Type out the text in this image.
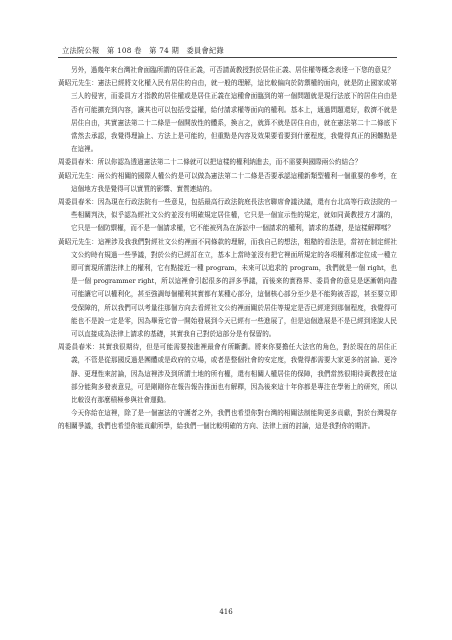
立法院公報　第 108 卷　第 74 期　委員會紀錄

另外，過幾年來台灣社會面臨所謂的居住正義，可否請黃教授對於居住正義、居住權等概念表達一下您的意見？

黃昭元先生：憲法已經將文化權入民有居住的自由，就一般的理解，這比較偏向於防禦權的面向，就是防止國家或第三人的侵害，而委員方才指教的居住權或是居住正義在這種會面臨到的第一個問題就是現行法底下的居住自由是否有可能擴充到內容，讓其也可以包括受益權，給付請求權等面向的權利。基本上，通過問題還好，救濟不就是居住自由，其實憲法第二十二條是一個開放性的體系，換言之，就算不就是居住自由，就在憲法第二十二條底下當然去承認，我覺得理論上、方法上是可能的，但重點是內容及效果要看要到什麼程度，我覺得真正的困難點是在這裡。

周委員春米：所以你認為透過憲法第二十二條就可以把這樣的權利納進去，而不需要與國際兩公約結合？

黃昭元先生：兩公約相關的國際人權公約是可以做為憲法第二十二條是否要承認這種新類型權利一個重要的參考，在這個地方我是覺得可以實質的影響、實質連結的。

周委員春米：因為現在行政法院有一些意見，包括最高行政法院庭長法官聯席會議決議，還有台北高等行政法院的一些相關判決，似乎認為經社文公約並沒有明確規定居住權，它只是一個宣示性的規定，就如同黃教授方才講的，它只是一個防禦權，而不是一個請求權，它不能被列為在訴訟中一個請求的權利，請求的基礎，是這樣解釋嗎？

黃昭元先生：這裡涉及我我們對經社文公約裡面不同條款的理解，而我自己的想法，粗糙的看法是，當初在制定經社文公約時有規過一些爭議，對於公約已經訂在立，基本上當時並沒有把它裡面所規定的各項權利都定位成一種立即可實現所謂法律上的權利，它有點接近一種 program，未來可以追求的 program，我們就是一個 right，也是一個 programmer right，所以這裡會引起很多的評多爭議，而後來的實務界、委員會的意見是逐漸朝向盡可能讓它可以權利化，甚至強調每個權利其實都有某種心部分，這個核心部分至少是不能夠被否認，甚至要立即受保障的，所以我們可以考量往那個方向去看經社文公約裡面關於居住等規定是否已經達到那個程度，我覺得可能也不是說一定是零，因為畢竟它曾一開始發展到今天已經有一些進展了，但是這個進展是不是已經到達說人民可以直接成為法律上請求的基礎，其實我自己對於這部分是有保留的。

周委員春米：其實我很期待，但是可能需要按進裡最會有所斷劃。將來你要擔任大法官的角色，對於現在的居住正義，不管是從那國反過是團體或是政府的立場，或者是整個社會的安定度，我覺得都需要大家更多的討論、更冷靜、更理性來討論，因為這裡涉及到所謂土地的所有權，還有相關人權居住的保障，我們當然很期待黃教授在這部分能夠多發表意見，可是剛剛你在報告報告推面也有解釋，因為後來這十年你都是專注在學術上的研究，所以比較沒有那麼積極參與社會運動。

今天你給在這裡，除了是一個憲法的守護者之外，我們也希望你對台灣的相關法制能夠更多貢獻，對於台灣現存的相關爭議，我們也希望你能貢獻所學，給我們一個比較明確的方向、法律上面的討論，這是我對你的期許。

416
